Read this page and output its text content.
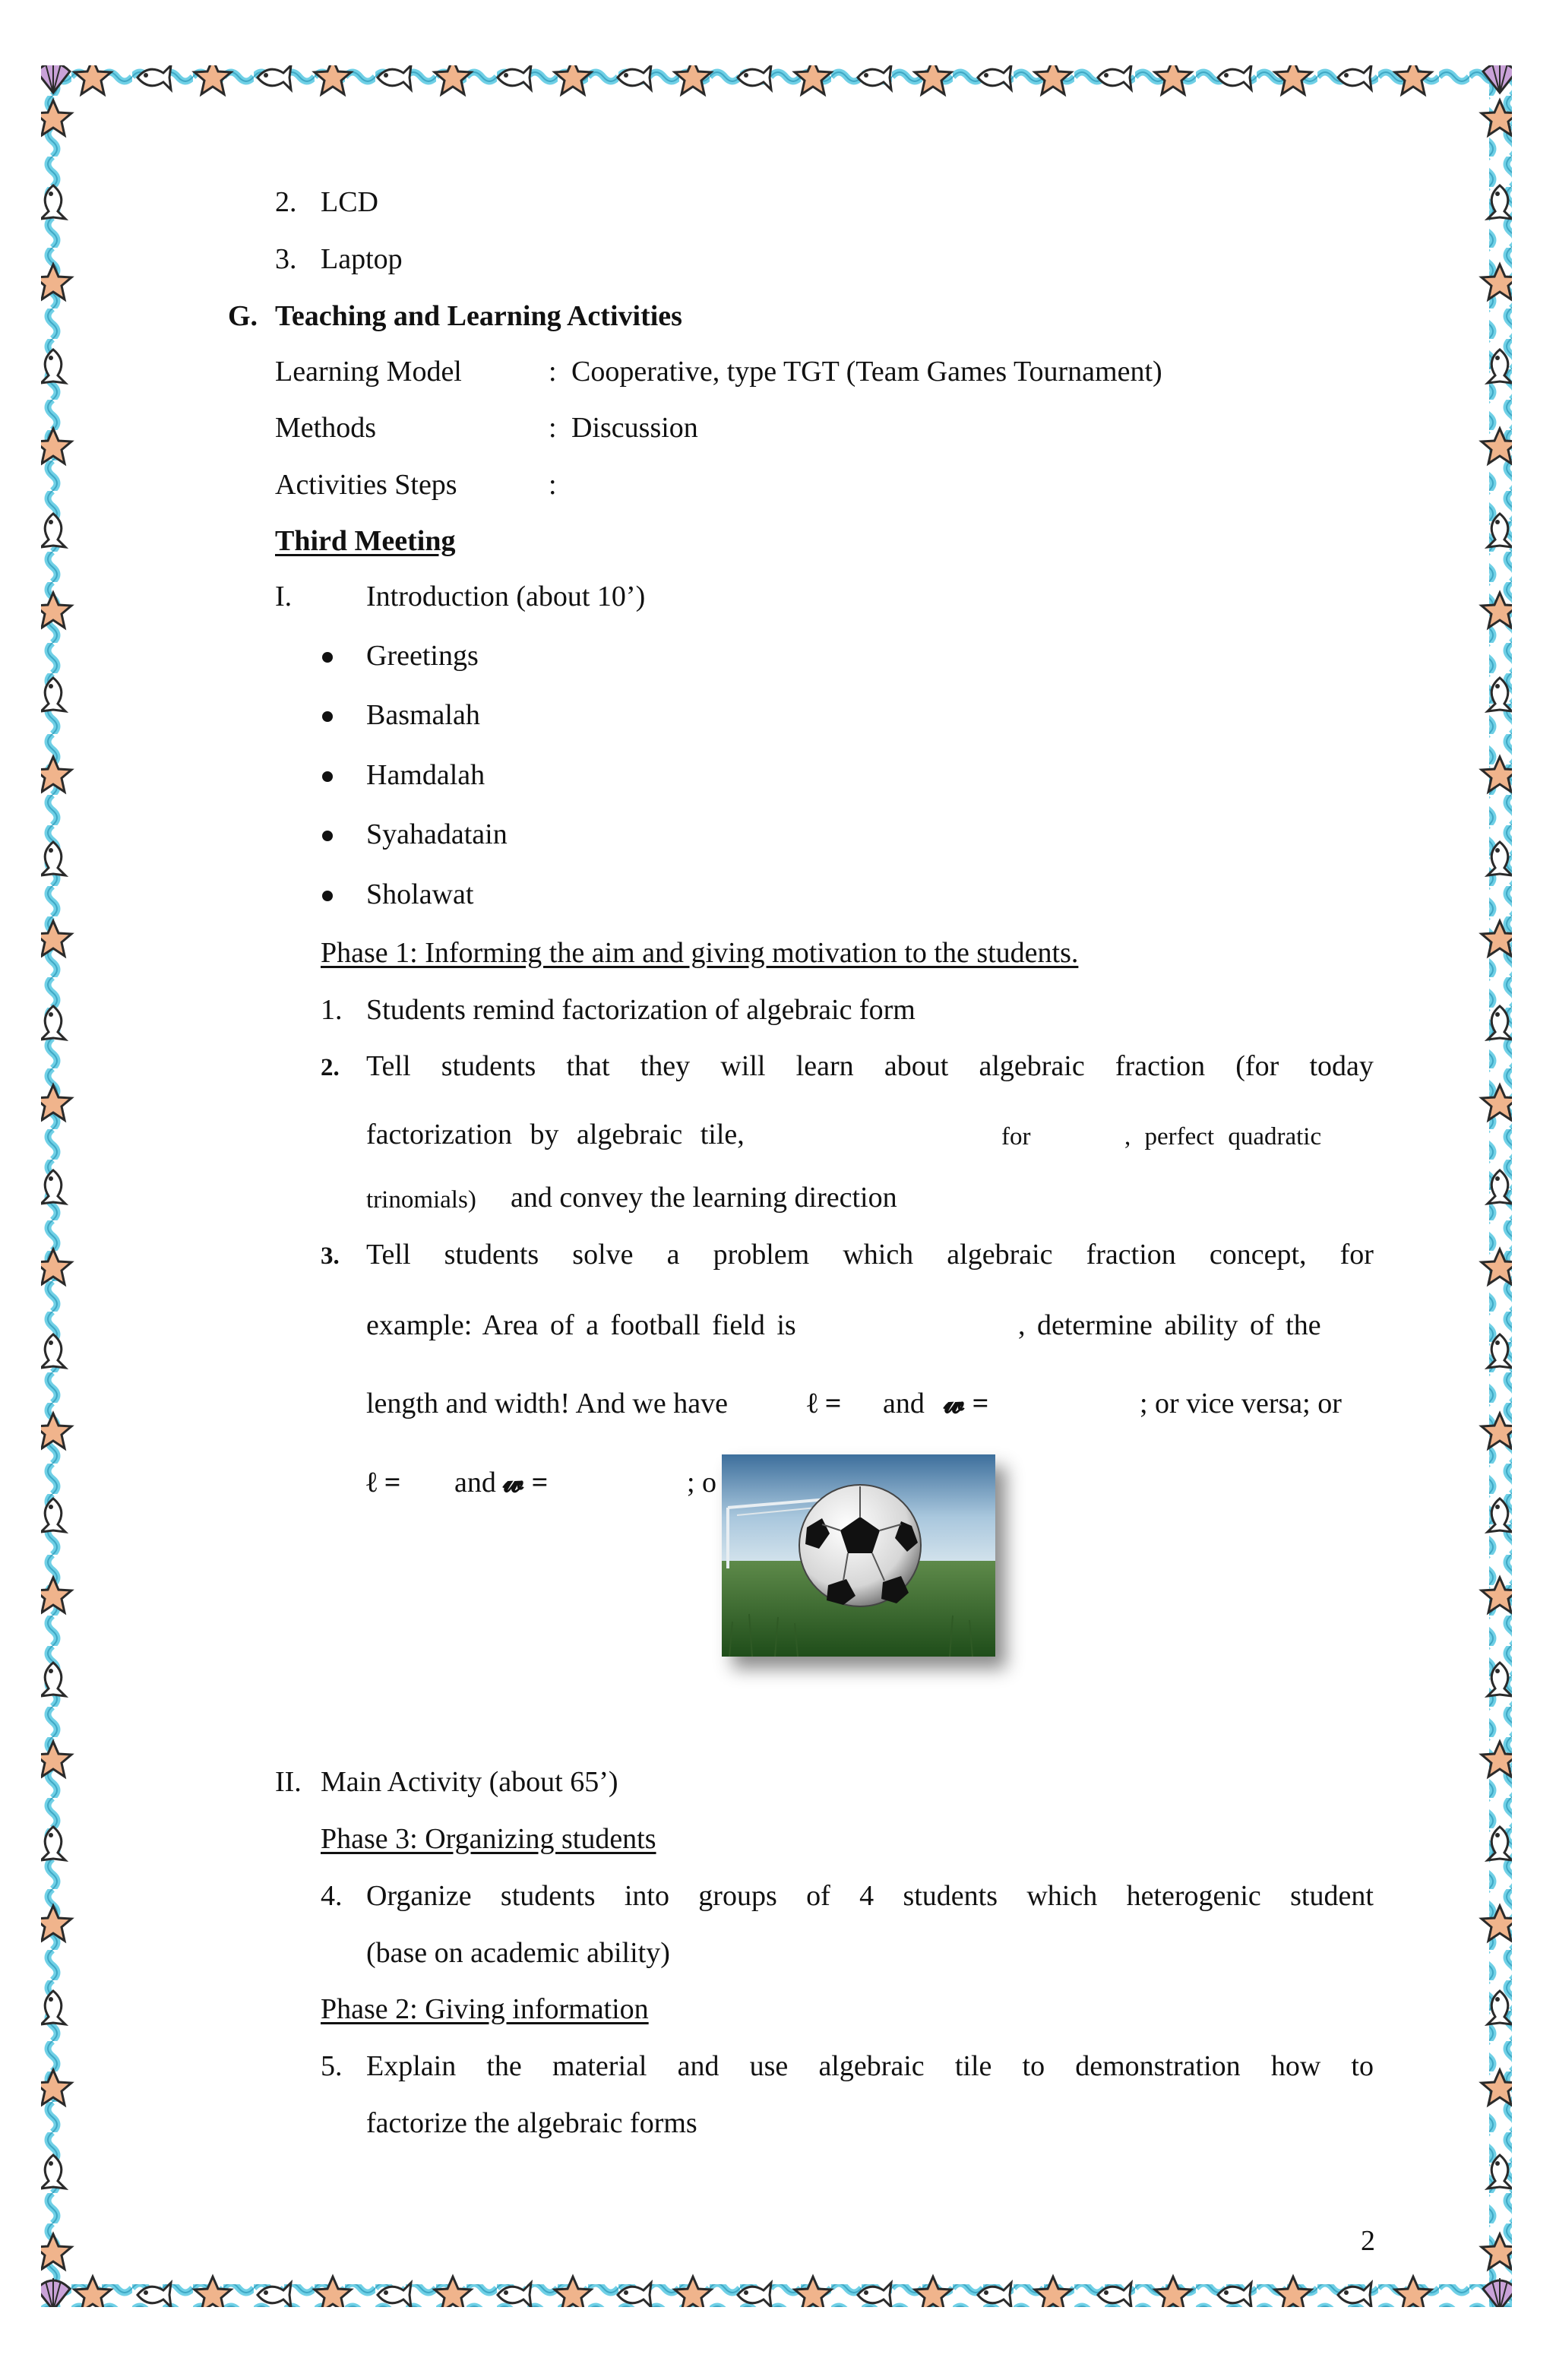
2. LCD
3. Laptop
G. Teaching and Learning Activities
Learning Model	: Cooperative, type TGT (Team Games Tournament)
Methods	: Discussion
Activities Steps	:
Third Meeting
I.	Introduction (about 10’)
Greetings
Basmalah
Hamdalah
Syahadatain
Sholawat
Phase 1: Informing the aim and giving motivation to the students.
1. Students remind factorization of algebraic form
2. Tell students that they will learn about algebraic fraction (for today
factorization by algebraic tile,	for	, perfect quadratic
trinomials) and convey the learning direction
3. Tell students solve a problem which algebraic fraction concept, for
example: Area of a football field is	, determine ability of the
length and width! And we have	ℓ = and 𝔀 =	; or vice versa; or
ℓ = and 𝔀 =	; o
II. Main Activity (about 65’)
Phase 3: Organizing students
4. Organize students into groups of 4 students which heterogenic student
(base on academic ability)
Phase 2: Giving information
5. Explain the material and use algebraic tile to demonstration how to
factorize the algebraic forms
2
